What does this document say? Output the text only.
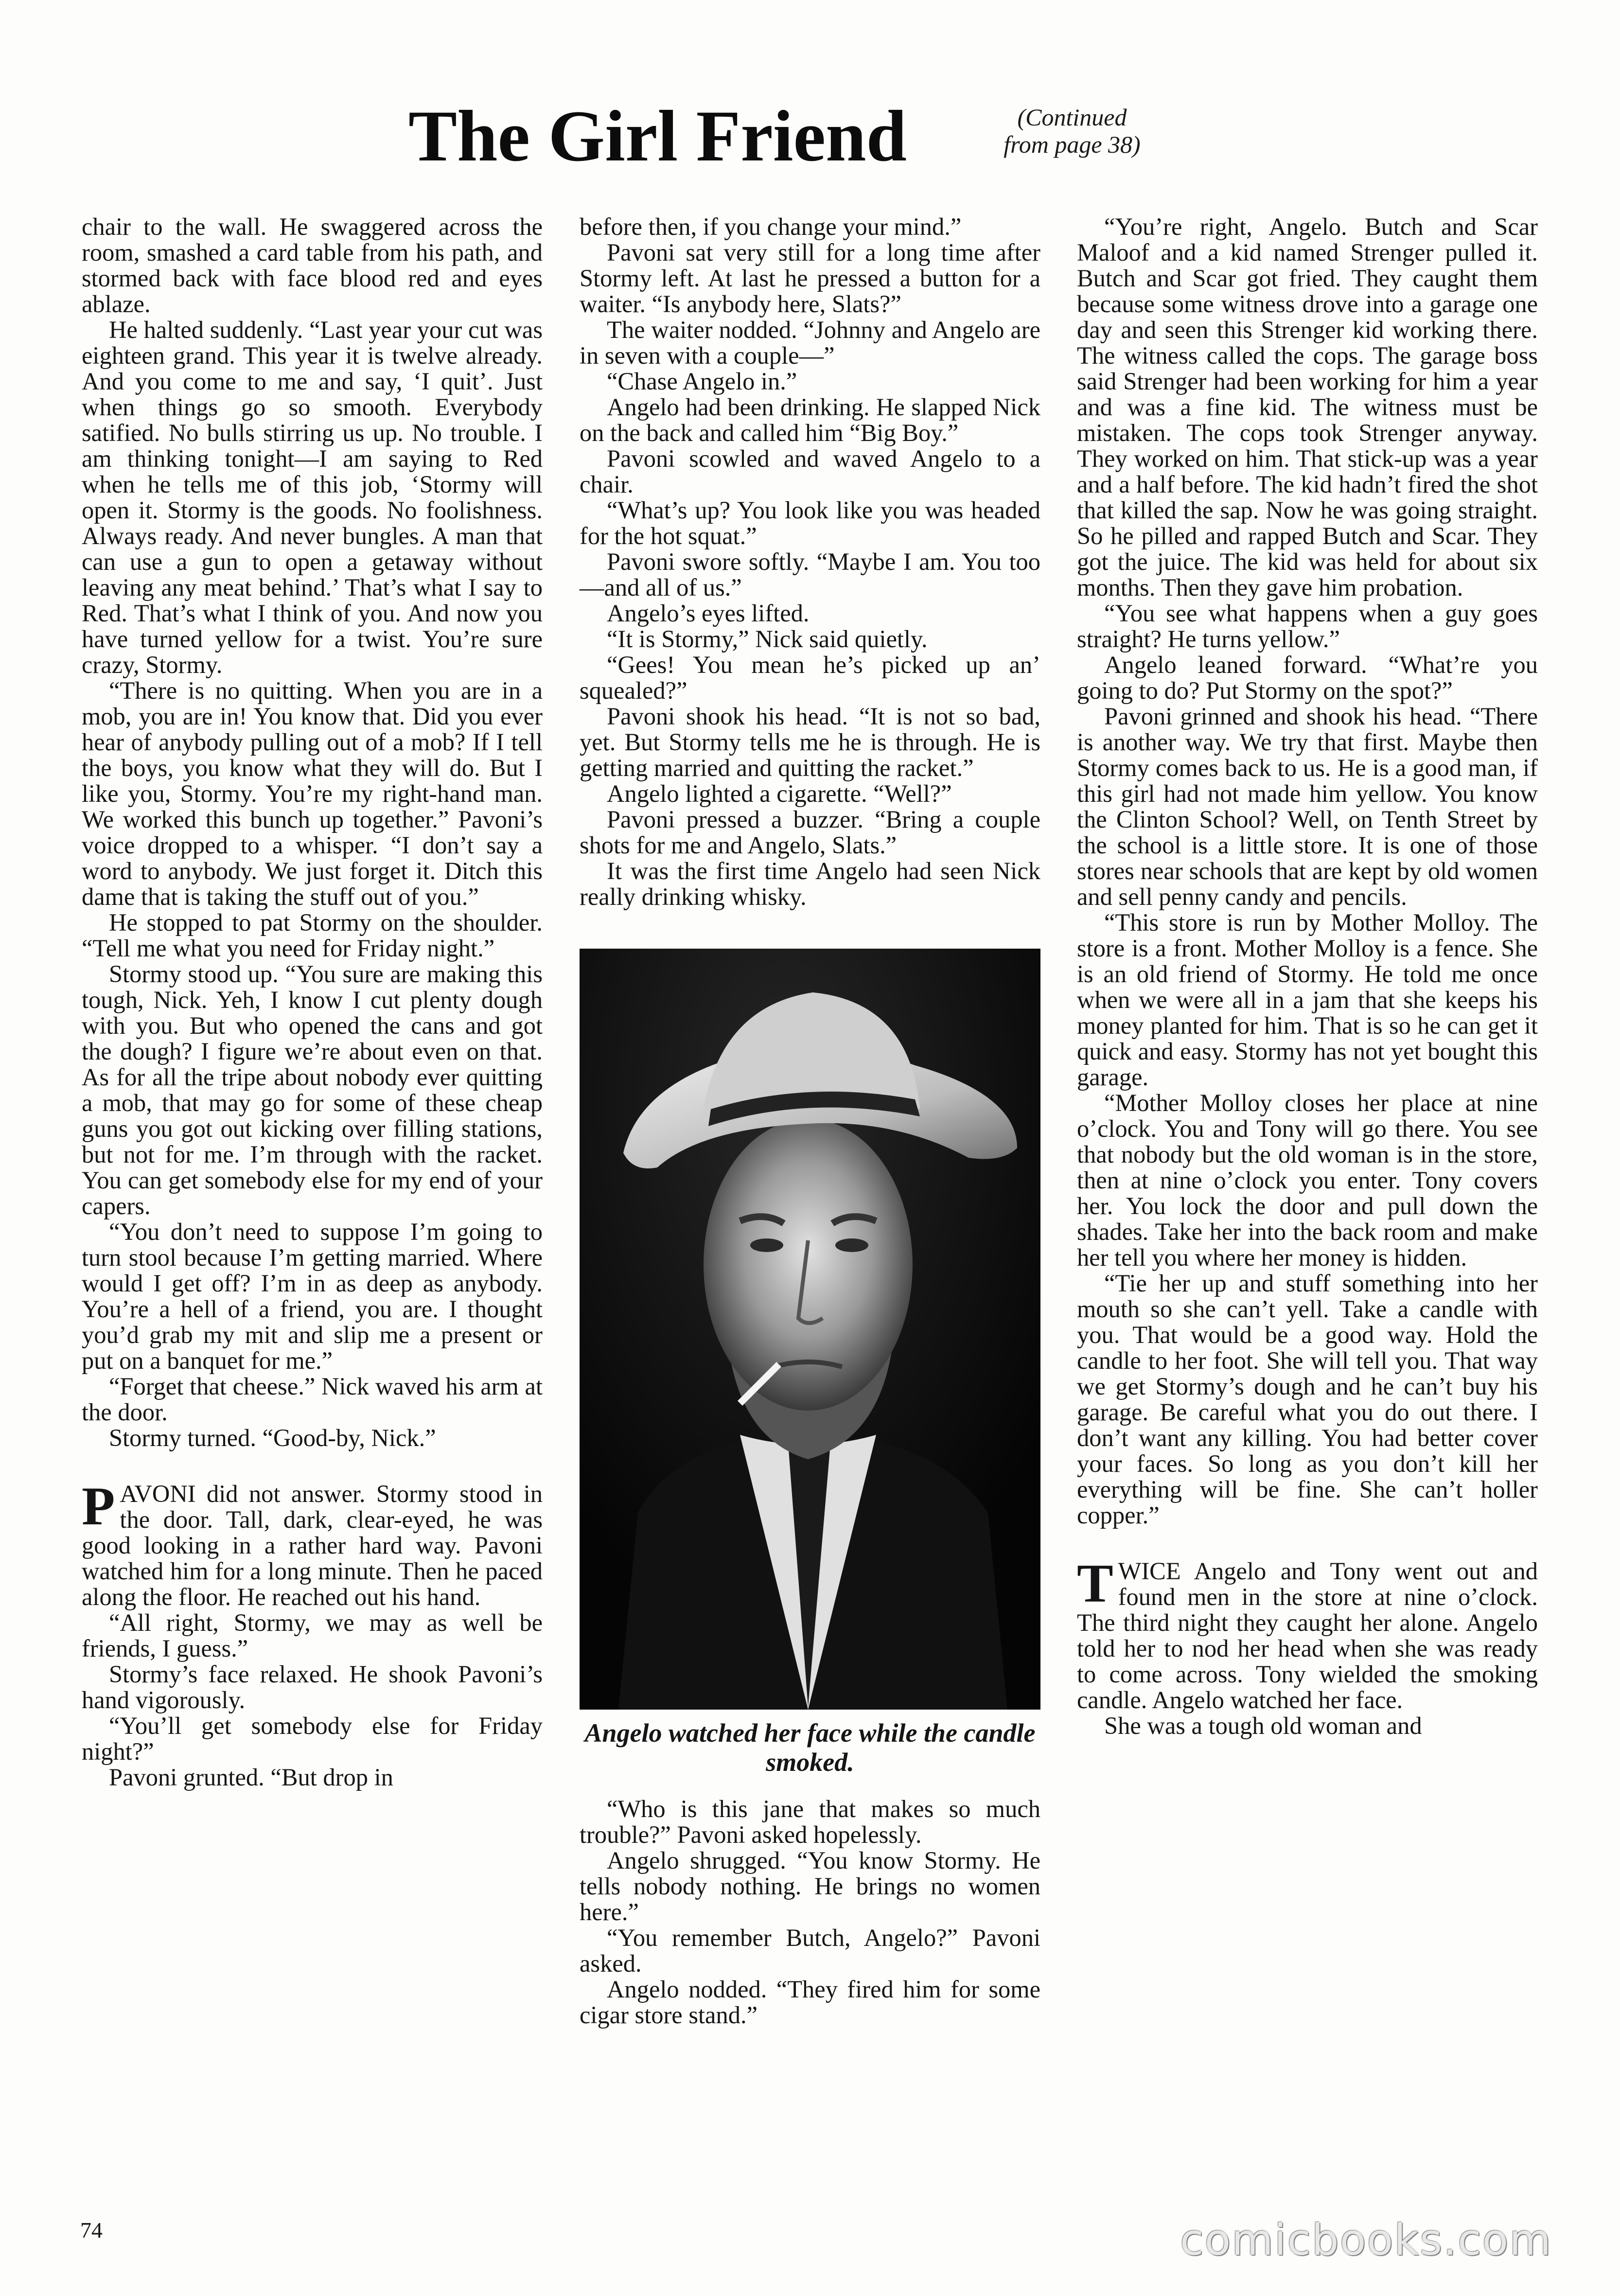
The Girl Friend	(Continued from page 38)

chair to the wall. He swaggered across the room, smashed a card table from his path, and stormed back with face blood red and eyes ablaze.

He halted suddenly. “Last year your cut was eighteen grand. This year it is twelve already. And you come to me and say, ‘I quit’. Just when things go so smooth. Everybody satified. No bulls stirring us up. No trouble. I am thinking tonight—I am saying to Red when he tells me of this job, ‘Stormy will open it. Stormy is the goods. No foolishness. Always ready. And never bungles. A man that can use a gun to open a getaway without leaving any meat behind.’ That’s what I say to Red. That’s what I think of you. And now you have turned yellow for a twist. You’re sure crazy, Stormy.

“There is no quitting. When you are in a mob, you are in! You know that. Did you ever hear of anybody pulling out of a mob? If I tell the boys, you know what they will do. But I like you, Stormy. You’re my right-hand man. We worked this bunch up together.” Pavoni’s voice dropped to a whisper. “I don’t say a word to anybody. We just forget it. Ditch this dame that is taking the stuff out of you.”

He stopped to pat Stormy on the shoulder. “Tell me what you need for Friday night.”

Stormy stood up. “You sure are making this tough, Nick. Yeh, I know I cut plenty dough with you. But who opened the cans and got the dough? I figure we’re about even on that. As for all the tripe about nobody ever quitting a mob, that may go for some of these cheap guns you got out kicking over filling stations, but not for me. I’m through with the racket. You can get somebody else for my end of your capers.

“You don’t need to suppose I’m going to turn stool because I’m getting married. Where would I get off? I’m in as deep as anybody. You’re a hell of a friend, you are. I thought you’d grab my mit and slip me a present or put on a banquet for me.”

“Forget that cheese.” Nick waved his arm at the door.

Stormy turned. “Good-by, Nick.”

PAVONI did not answer. Stormy stood in the door. Tall, dark, clear-eyed, he was good looking in a rather hard way. Pavoni watched him for a long minute. Then he paced along the floor. He reached out his hand.

“All right, Stormy, we may as well be friends, I guess.”

Stormy’s face relaxed. He shook Pavoni’s hand vigorously.

“You’ll get somebody else for Friday night?”

Pavoni grunted. “But drop in

before then, if you change your mind.”

Pavoni sat very still for a long time after Stormy left. At last he pressed a button for a waiter. “Is anybody here, Slats?”

The waiter nodded. “Johnny and Angelo are in seven with a couple—”

“Chase Angelo in.”

Angelo had been drinking. He slapped Nick on the back and called him “Big Boy.”

Pavoni scowled and waved Angelo to a chair.

“What’s up? You look like you was headed for the hot squat.”

Pavoni swore softly. “Maybe I am. You too—and all of us.”

Angelo’s eyes lifted.

“It is Stormy,” Nick said quietly.

“Gees! You mean he’s picked up an’ squealed?”

Pavoni shook his head. “It is not so bad, yet. But Stormy tells me he is through. He is getting married and quitting the racket.”

Angelo lighted a cigarette. “Well?”

Pavoni pressed a buzzer. “Bring a couple shots for me and Angelo, Slats.”

It was the first time Angelo had seen Nick really drinking whisky.

Angelo watched her face while the candle smoked.

“Who is this jane that makes so much trouble?” Pavoni asked hopelessly.

Angelo shrugged. “You know Stormy. He tells nobody nothing. He brings no women here.”

“You remember Butch, Angelo?” Pavoni asked.

Angelo nodded. “They fired him for some cigar store stand.”

“You’re right, Angelo. Butch and Scar Maloof and a kid named Strenger pulled it. Butch and Scar got fried. They caught them because some witness drove into a garage one day and seen this Strenger kid working there. The witness called the cops. The garage boss said Strenger had been working for him a year and was a fine kid. The witness must be mistaken. The cops took Strenger anyway. They worked on him. That stick-up was a year and a half before. The kid hadn’t fired the shot that killed the sap. Now he was going straight. So he pilled and rapped Butch and Scar. They got the juice. The kid was held for about six months. Then they gave him probation.

“You see what happens when a guy goes straight? He turns yellow.”

Angelo leaned forward. “What’re you going to do? Put Stormy on the spot?”

Pavoni grinned and shook his head. “There is another way. We try that first. Maybe then Stormy comes back to us. He is a good man, if this girl had not made him yellow. You know the Clinton School? Well, on Tenth Street by the school is a little store. It is one of those stores near schools that are kept by old women and sell penny candy and pencils.

“This store is run by Mother Molloy. The store is a front. Mother Molloy is a fence. She is an old friend of Stormy. He told me once when we were all in a jam that she keeps his money planted for him. That is so he can get it quick and easy. Stormy has not yet bought this garage.

“Mother Molloy closes her place at nine o’clock. You and Tony will go there. You see that nobody but the old woman is in the store, then at nine o’clock you enter. Tony covers her. You lock the door and pull down the shades. Take her into the back room and make her tell you where her money is hidden.

“Tie her up and stuff something into her mouth so she can’t yell. Take a candle with you. That would be a good way. Hold the candle to her foot. She will tell you. That way we get Stormy’s dough and he can’t buy his garage. Be careful what you do out there. I don’t want any killing. You had better cover your faces. So long as you don’t kill her everything will be fine. She can’t holler copper.”

TWICE Angelo and Tony went out and found men in the store at nine o’clock. The third night they caught her alone. Angelo told her to nod her head when she was ready to come across. Tony wielded the smoking candle. Angelo watched her face.

She was a tough old woman and

74	comicbooks.com
